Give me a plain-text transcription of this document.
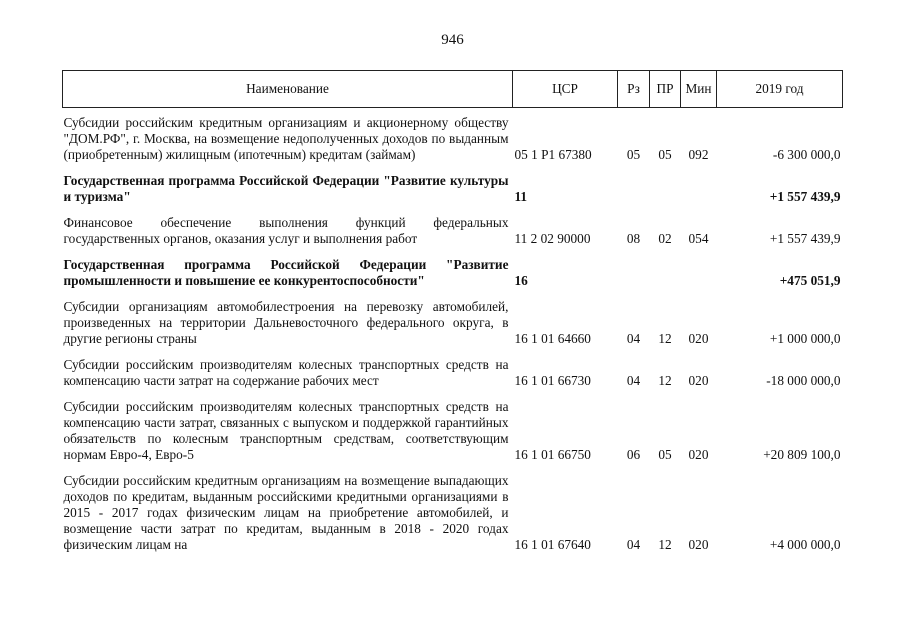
946
Наименование	ЦСР	Рз	ПР	Мин	2019 год

Субсидии российским кредитным организациям и акционерному обществу "ДОМ.РФ", г. Москва, на возмещение недополученных доходов по выданным (приобретенным) жилищным (ипотечным) кредитам (займам)	05 1 P1 67380	05	05	092	-6 300 000,0

Государственная программа Российской Федерации "Развитие культуры и туризма"	11				+1 557 439,9

Финансовое обеспечение выполнения функций федеральных государственных органов, оказания услуг и выполнения работ	11 2 02 90000	08	02	054	+1 557 439,9

Государственная программа Российской Федерации "Развитие промышленности и повышение ее конкурентоспособности"	16				+475 051,9

Субсидии организациям автомобилестроения на перевозку автомобилей, произведенных на территории Дальневосточного федерального округа, в другие регионы страны	16 1 01 64660	04	12	020	+1 000 000,0

Субсидии российским производителям колесных транспортных средств на компенсацию части затрат на содержание рабочих мест	16 1 01 66730	04	12	020	-18 000 000,0

Субсидии российским производителям колесных транспортных средств на компенсацию части затрат, связанных с выпуском и поддержкой гарантийных обязательств по колесным транспортным средствам, соответствующим нормам Евро-4, Евро-5	16 1 01 66750	06	05	020	+20 809 100,0

Субсидии российским кредитным организациям на возмещение выпадающих доходов по кредитам, выданным российскими кредитными организациями в 2015 - 2017 годах физическим лицам на приобретение автомобилей, и возмещение части затрат по кредитам, выданным в 2018 - 2020 годах физическим лицам на	16 1 01 67640	04	12	020	+4 000 000,0
